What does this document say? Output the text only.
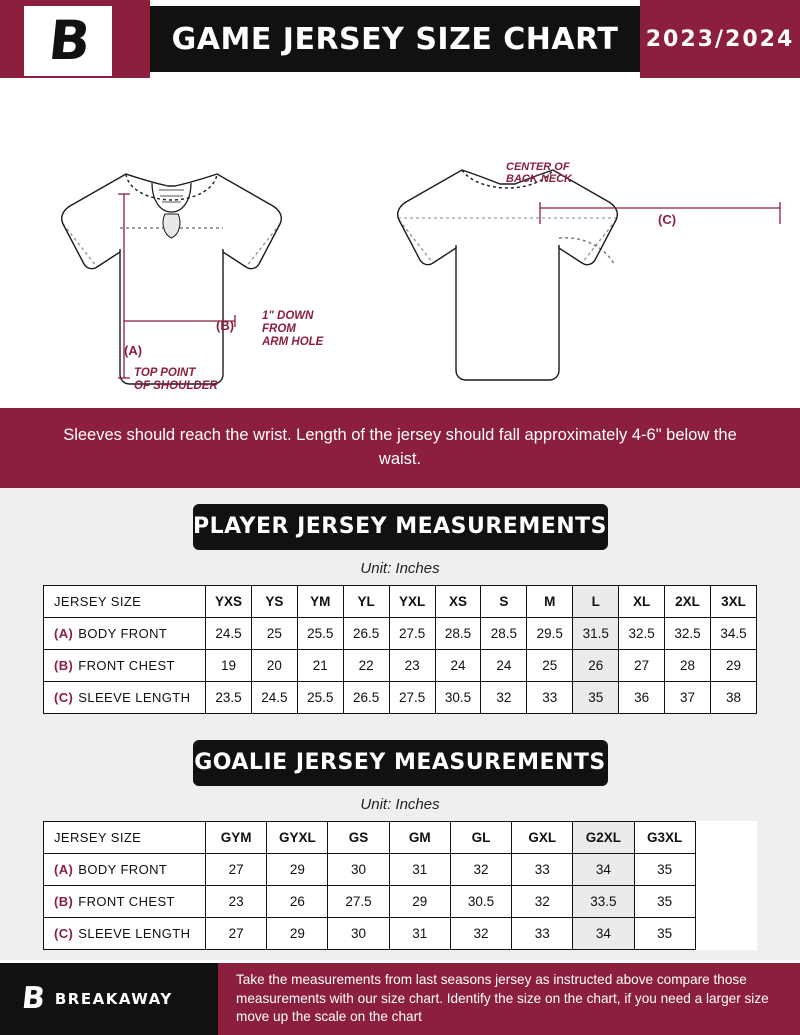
B	GAME JERSEY SIZE CHART 2023/2024
CENTER OF
BACK NECK
(C)
(B)
(A)
1" DOWN
FROM
ARM HOLE
TOP POINT
OF SHOULDER
Sleeves should reach the wrist. Length of the jersey should fall approximately 4-6" below the waist.
PLAYER JERSEY MEASUREMENTS
Unit: Inches
JERSEY SIZE	YXS	YS	YM	YL	YXL	XS	S	M	L	XL	2XL	3XL
(A) BODY FRONT	24.5	25	25.5	26.5	27.5	28.5	28.5	29.5	31.5	32.5	32.5	34.5
(B) FRONT CHEST	19	20	21	22	23	24	24	25	26	27	28	29
(C) SLEEVE LENGTH	23.5	24.5	25.5	26.5	27.5	30.5	32	33	35	36	37	38
GOALIE JERSEY MEASUREMENTS
Unit: Inches
JERSEY SIZE	GYM	GYXL	GS	GM	GL	GXL	G2XL	G3XL	
(A) BODY FRONT	27	29	30	31	32	33	34	35	
(B) FRONT CHEST	23	26	27.5	29	30.5	32	33.5	35	
(C) SLEEVE LENGTH	27	29	30	31	32	33	34	35	
B BREAKAWAY
Take the measurements from last seasons jersey as instructed above compare those measurements with our size chart. Identify the size on the chart, if you need a larger size move up the scale on the chart
